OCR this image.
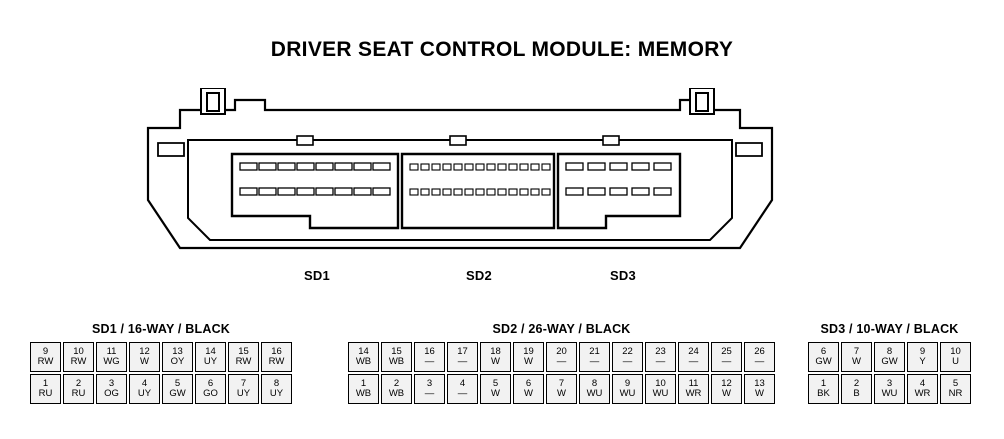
DRIVER SEAT CONTROL MODULE: MEMORY
SD1	SD2	SD3
SD1 / 16-WAY / BLACK
9
RW
10
RW
11
WG
12
W
13
OY
14
UY
15
RW
16
RW
1
RU
2
RU
3
OG
4
UY
5
GW
6
GO
7
UY
8
UY
SD2 / 26-WAY / BLACK
14
WB
15
WB
16
—
17
—
18
W
19
W
20
—
21
—
22
—
23
—
24
—
25
—
26
—
1
WB
2
WB
3
—
4
—
5
W
6
W
7
W
8
WU
9
WU
10
WU
11
WR
12
W
13
W
SD3 / 10-WAY / BLACK
6
GW
7
W
8
GW
9
Y
10
U
1
BK
2
B
3
WU
4
WR
5
NR
